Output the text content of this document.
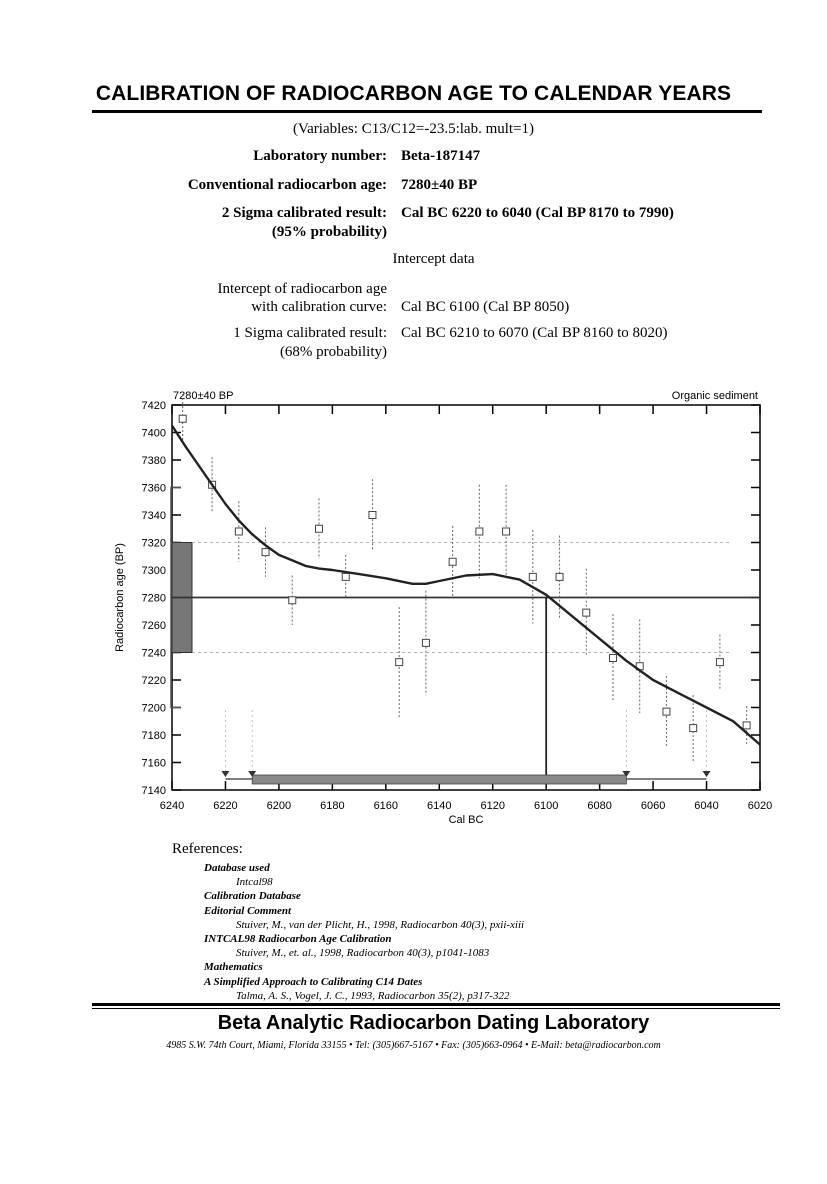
CALIBRATION OF RADIOCARBON AGE TO CALENDAR YEARS
(Variables: C13/C12=-23.5:lab. mult=1)
Laboratory number: Beta-187147
Conventional radiocarbon age: 7280±40 BP
2 Sigma calibrated result:
(95% probability)
Cal BC 6220 to 6040 (Cal BP 8170 to 7990)
Intercept data
Intercept of radiocarbon age
with calibration curve: Cal BC 6100 (Cal BP 8050)
1 Sigma calibrated result:
(68% probability)
Cal BC 6210 to 6070 (Cal BP 8160 to 8020)
7140
7160
7180
7200
7220
7240
7260
7280
7300
7320
7340
7360
7380
7400
7420
6240	6220	6200	6180	6160	6140	6120	6100	6080	6060	6040	6020
Cal BC
Radiocarbon age (BP)
7280±40 BP	Organic sediment
References:
Database used
Intcal98
Calibration Database
Editorial Comment
Stuiver, M., van der Plicht, H., 1998, Radiocarbon 40(3), pxii-xiii
INTCAL98 Radiocarbon Age Calibration
Stuiver, M., et. al., 1998, Radiocarbon 40(3), p1041-1083
Mathematics
A Simplified Approach to Calibrating C14 Dates
Talma, A. S., Vogel, J. C., 1993, Radiocarbon 35(2), p317-322
Beta Analytic Radiocarbon Dating Laboratory
4985 S.W. 74th Court, Miami, Florida 33155 • Tel: (305)667-5167 • Fax: (305)663-0964 • E-Mail: beta@radiocarbon.com
